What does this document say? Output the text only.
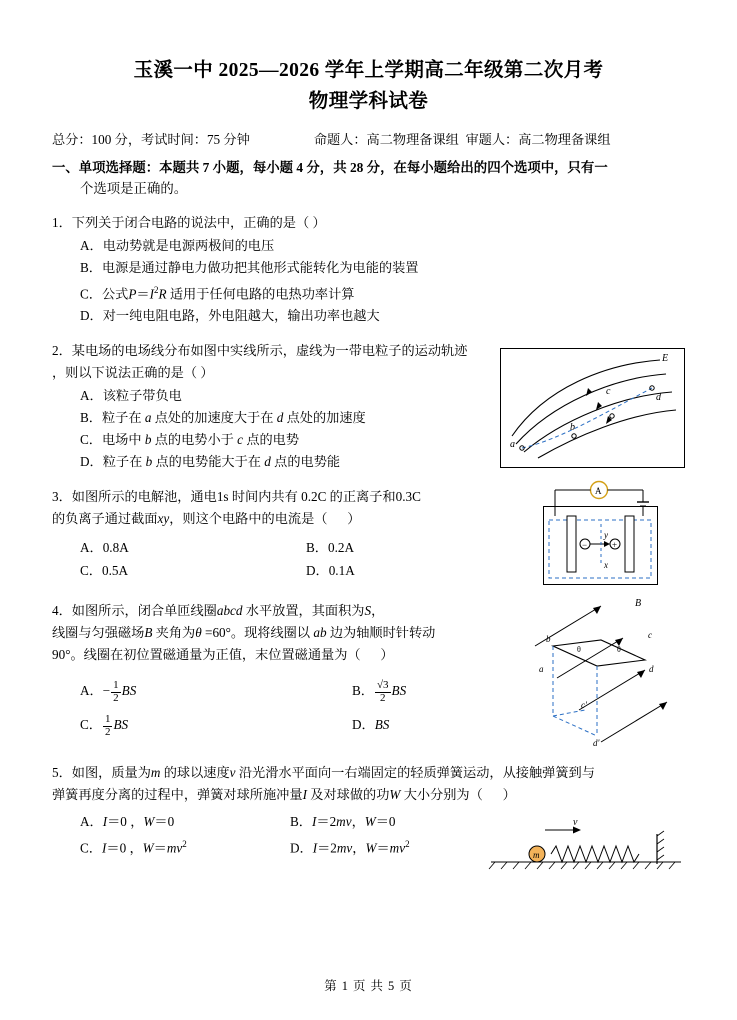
玉溪一中 2025—2026 学年上学期高二年级第二次月考
物理学科试卷
总分：100 分，考试时间：75 分钟	命题人：高二物理备课组
审题人：高二物理备课组
一、单项选择题：本题共 7 小题，每小题 4 分，共 28 分，在每小题给出的四个选项中，只有一
个选项是正确的。
1．下列关于闭合电路的说法中，正确的是（ ）
A．电动势就是电源两极间的电压
B．电源是通过静电力做功把其他形式能转化为电能的装置
C．公式$P=I^2R$ 适用于任何电路的电热功率计算
D．对一纯电阻电路，外电阻越大，输出功率也越大
E
c
b
d
a
2．某电场的电场线分布如图中实线所示，虚线为一带电粒子的运动轨迹
，则以下说法正确的是（ ）
A．该粒子带负电
B．粒子在 a 点处的加速度大于在 d 点处的加速度
C．电场中 b 点的电势小于 c 点的电势
D．粒子在 b 点的电势能大于在 d 点的电势能
A
−	+
y
x
3．如图所示的电解池，通电1s 时间内共有 0.2C 的正离子和0.3C
的负离子通过截面xy，则这个电路中的电流是（      ）
A．0.8A	B．0.2A
C．0.5A	D．0.1A
B
b	c
a	d
θ	θ
c'
d'
4．如图所示，闭合单匝线圈abcd 水平放置，其面积为S，
线圈与匀强磁场B 夹角为θ =60°。现将线圈以 ab 边为轴顺时针转动
90°。线圈在初位置磁通量为正值，末位置磁通量为（      ）
A．− $\frac{1}{2}$ BS	B． $\frac{√3}{2}$ BS
C． $\frac{1}{2}$ BS	D．BS
5．如图，质量为m 的球以速度v 沿光滑水平面向一右端固定的轻质弹簧运动，从接触弹簧到与
弹簧再度分离的过程中，弹簧对球所施冲量I 及对球做的功W 大小分别为（      ）
m
v
A．I＝0 ，W＝0	B．I＝2mv，W＝0
C．I＝0 ，$W=mv^2$	D．I＝2mv，$W=mv^2$
第 1 页 共 5 页
